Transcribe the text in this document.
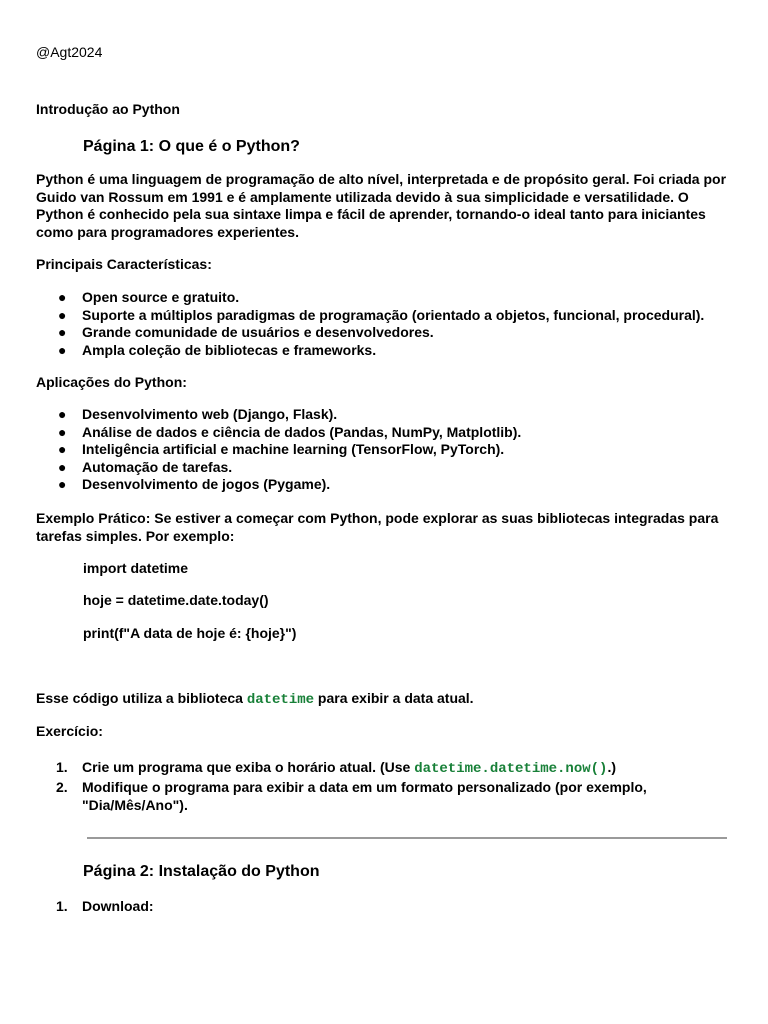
@Agt2024
Introdução ao Python
Página 1: O que é o Python?
Python é uma linguagem de programação de alto nível, interpretada e de propósito geral. Foi criada por Guido van Rossum em 1991 e é amplamente utilizada devido à sua simplicidade e versatilidade. O Python é conhecido pela sua sintaxe limpa e fácil de aprender, tornando-o ideal tanto para iniciantes como para programadores experientes.
Principais Características:
● Open source e gratuito.
● Suporte a múltiplos paradigmas de programação (orientado a objetos, funcional, procedural).
● Grande comunidade de usuários e desenvolvedores.
● Ampla coleção de bibliotecas e frameworks.
Aplicações do Python:
● Desenvolvimento web (Django, Flask).
● Análise de dados e ciência de dados (Pandas, NumPy, Matplotlib).
● Inteligência artificial e machine learning (TensorFlow, PyTorch).
● Automação de tarefas.
● Desenvolvimento de jogos (Pygame).
Exemplo Prático: Se estiver a começar com Python, pode explorar as suas bibliotecas integradas para tarefas simples. Por exemplo:
import datetime
hoje = datetime.date.today()
print(f"A data de hoje é: {hoje}")
Esse código utiliza a biblioteca datetime para exibir a data atual.
Exercício:
1. Crie um programa que exiba o horário atual. (Use datetime.datetime.now().)
2. Modifique o programa para exibir a data em um formato personalizado (por exemplo, "Dia/Mês/Ano").
Página 2: Instalação do Python
1. Download:
